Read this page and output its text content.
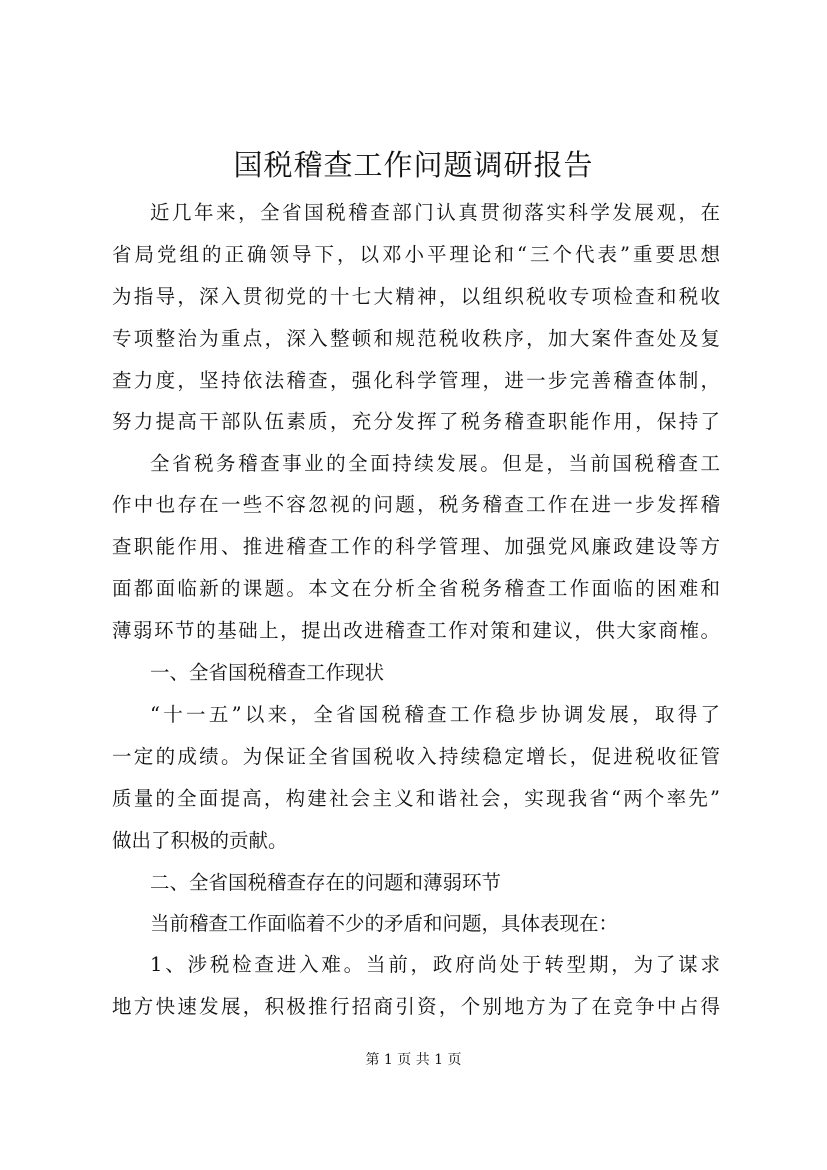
国税稽查工作问题调研报告
近几年来，全省国税稽查部门认真贯彻落实科学发展观，在
省局党组的正确领导下，以邓小平理论和“三个代表”重要思想
为指导，深入贯彻党的十七大精神，以组织税收专项检查和税收
专项整治为重点，深入整顿和规范税收秩序，加大案件查处及复
查力度，坚持依法稽查，强化科学管理，进一步完善稽查体制，
努力提高干部队伍素质，充分发挥了税务稽查职能作用，保持了
全省税务稽查事业的全面持续发展。但是，当前国税稽查工
作中也存在一些不容忽视的问题，税务稽查工作在进一步发挥稽
查职能作用、推进稽查工作的科学管理、加强党风廉政建设等方
面都面临新的课题。本文在分析全省税务稽查工作面临的困难和
薄弱环节的基础上，提出改进稽查工作对策和建议，供大家商榷。
一、全省国税稽查工作现状
“十一五”以来，全省国税稽查工作稳步协调发展，取得了
一定的成绩。为保证全省国税收入持续稳定增长，促进税收征管
质量的全面提高，构建社会主义和谐社会，实现我省“两个率先”
做出了积极的贡献。
二、全省国税稽查存在的问题和薄弱环节
当前稽查工作面临着不少的矛盾和问题，具体表现在：
1、涉税检查进入难。当前，政府尚处于转型期，为了谋求
地方快速发展，积极推行招商引资，个别地方为了在竞争中占得
第 1 页 共 1 页
